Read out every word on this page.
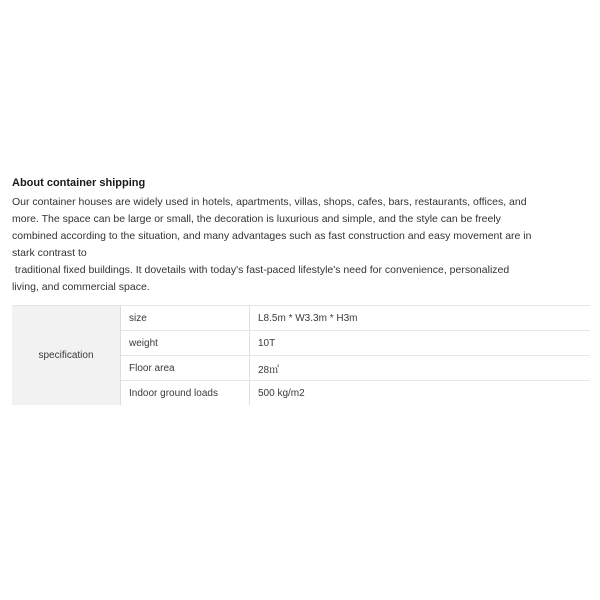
About container shipping

Our container houses are widely used in hotels, apartments, villas, shops, cafes, bars, restaurants, offices, and
more. The space can be large or small, the decoration is luxurious and simple, and the style can be freely
combined according to the situation, and many advantages such as fast construction and easy movement are in
stark contrast to
traditional fixed buildings. It dovetails with today's fast-paced lifestyle's need for convenience, personalized
living, and commercial space.

specification	size	L8.5m * W3.3m * H3m
	weight	10T
	Floor area	28㎡
	Indoor ground loads	500 kg/m2
